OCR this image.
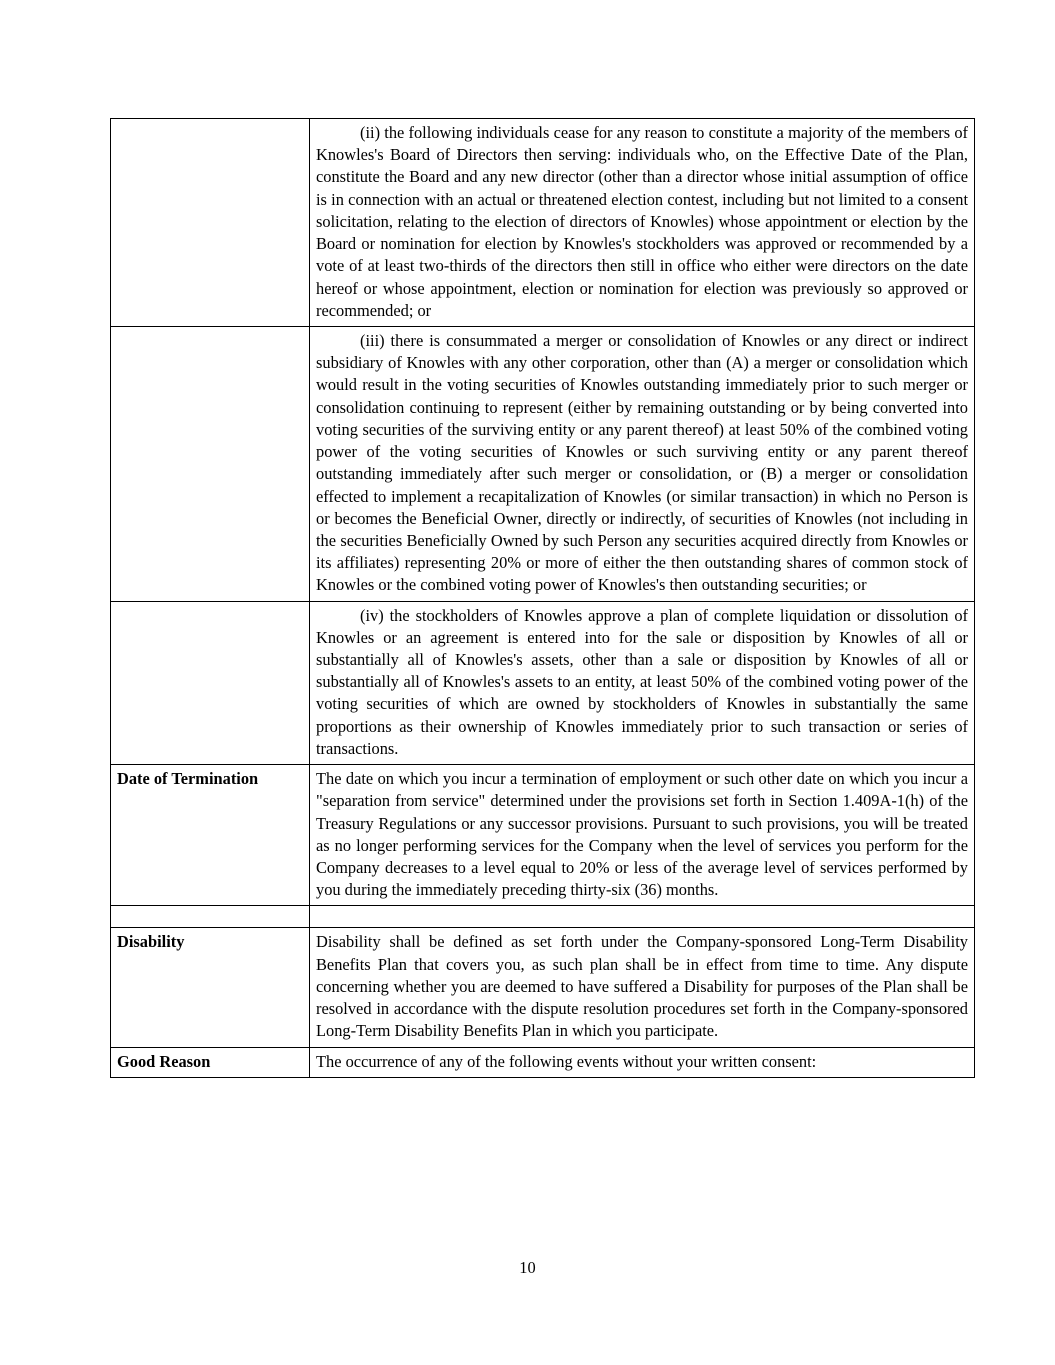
	(ii) the following individuals cease for any reason to constitute a majority of the members of Knowles's Board of Directors then serving: individuals who, on the Effective Date of the Plan, constitute the Board and any new director (other than a director whose initial assumption of office is in connection with an actual or threatened election contest, including but not limited to a consent solicitation, relating to the election of directors of Knowles) whose appointment or election by the Board or nomination for election by Knowles's stockholders was approved or recommended by a vote of at least two-thirds of the directors then still in office who either were directors on the date hereof or whose appointment, election or nomination for election was previously so approved or recommended; or

	(iii) there is consummated a merger or consolidation of Knowles or any direct or indirect subsidiary of Knowles with any other corporation, other than (A) a merger or consolidation which would result in the voting securities of Knowles outstanding immediately prior to such merger or consolidation continuing to represent (either by remaining outstanding or by being converted into voting securities of the surviving entity or any parent thereof) at least 50% of the combined voting power of the voting securities of Knowles or such surviving entity or any parent thereof outstanding immediately after such merger or consolidation, or (B) a merger or consolidation effected to implement a recapitalization of Knowles (or similar transaction) in which no Person is or becomes the Beneficial Owner, directly or indirectly, of securities of Knowles (not including in the securities Beneficially Owned by such Person any securities acquired directly from Knowles or its affiliates) representing 20% or more of either the then outstanding shares of common stock of Knowles or the combined voting power of Knowles's then outstanding securities; or

	(iv) the stockholders of Knowles approve a plan of complete liquidation or dissolution of Knowles or an agreement is entered into for the sale or disposition by Knowles of all or substantially all of Knowles's assets, other than a sale or disposition by Knowles of all or substantially all of Knowles's assets to an entity, at least 50% of the combined voting power of the voting securities of which are owned by stockholders of Knowles in substantially the same proportions as their ownership of Knowles immediately prior to such transaction or series of transactions.

Date of Termination	The date on which you incur a termination of employment or such other date on which you incur a "separation from service" determined under the provisions set forth in Section 1.409A-1(h) of the Treasury Regulations or any successor provisions. Pursuant to such provisions, you will be treated as no longer performing services for the Company when the level of services you perform for the Company decreases to a level equal to 20% or less of the average level of services performed by you during the immediately preceding thirty-six (36) months.

Disability	Disability shall be defined as set forth under the Company-sponsored Long-Term Disability Benefits Plan that covers you, as such plan shall be in effect from time to time. Any dispute concerning whether you are deemed to have suffered a Disability for purposes of the Plan shall be resolved in accordance with the dispute resolution procedures set forth in the Company-sponsored Long-Term Disability Benefits Plan in which you participate.

Good Reason	The occurrence of any of the following events without your written consent:

10
